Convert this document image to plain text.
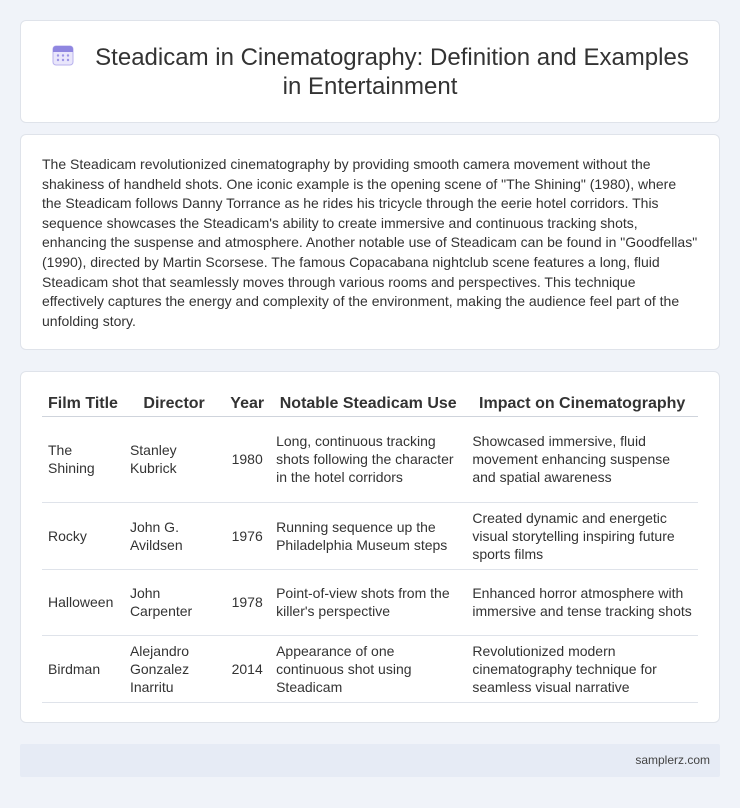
Steadicam in Cinematography: Definition and Examples in Entertainment

The Steadicam revolutionized cinematography by providing smooth camera movement without the shakiness of handheld shots. One iconic example is the opening scene of "The Shining" (1980), where the Steadicam follows Danny Torrance as he rides his tricycle through the eerie hotel corridors. This sequence showcases the Steadicam's ability to create immersive and continuous tracking shots, enhancing the suspense and atmosphere. Another notable use of Steadicam can be found in "Goodfellas" (1990), directed by Martin Scorsese. The famous Copacabana nightclub scene features a long, fluid Steadicam shot that seamlessly moves through various rooms and perspectives. This technique effectively captures the energy and complexity of the environment, making the audience feel part of the unfolding story.

Film Title	Director	Year	Notable Steadicam Use	Impact on Cinematography
The Shining	Stanley Kubrick	1980	Long, continuous tracking shots following the character in the hotel corridors	Showcased immersive, fluid movement enhancing suspense and spatial awareness
Rocky	John G. Avildsen	1976	Running sequence up the Philadelphia Museum steps	Created dynamic and energetic visual storytelling inspiring future sports films
Halloween	John Carpenter	1978	Point-of-view shots from the killer's perspective	Enhanced horror atmosphere with immersive and tense tracking shots
Birdman	Alejandro Gonzalez Inarritu	2014	Appearance of one continuous shot using Steadicam	Revolutionized modern cinematography technique for seamless visual narrative
samplerz.com
